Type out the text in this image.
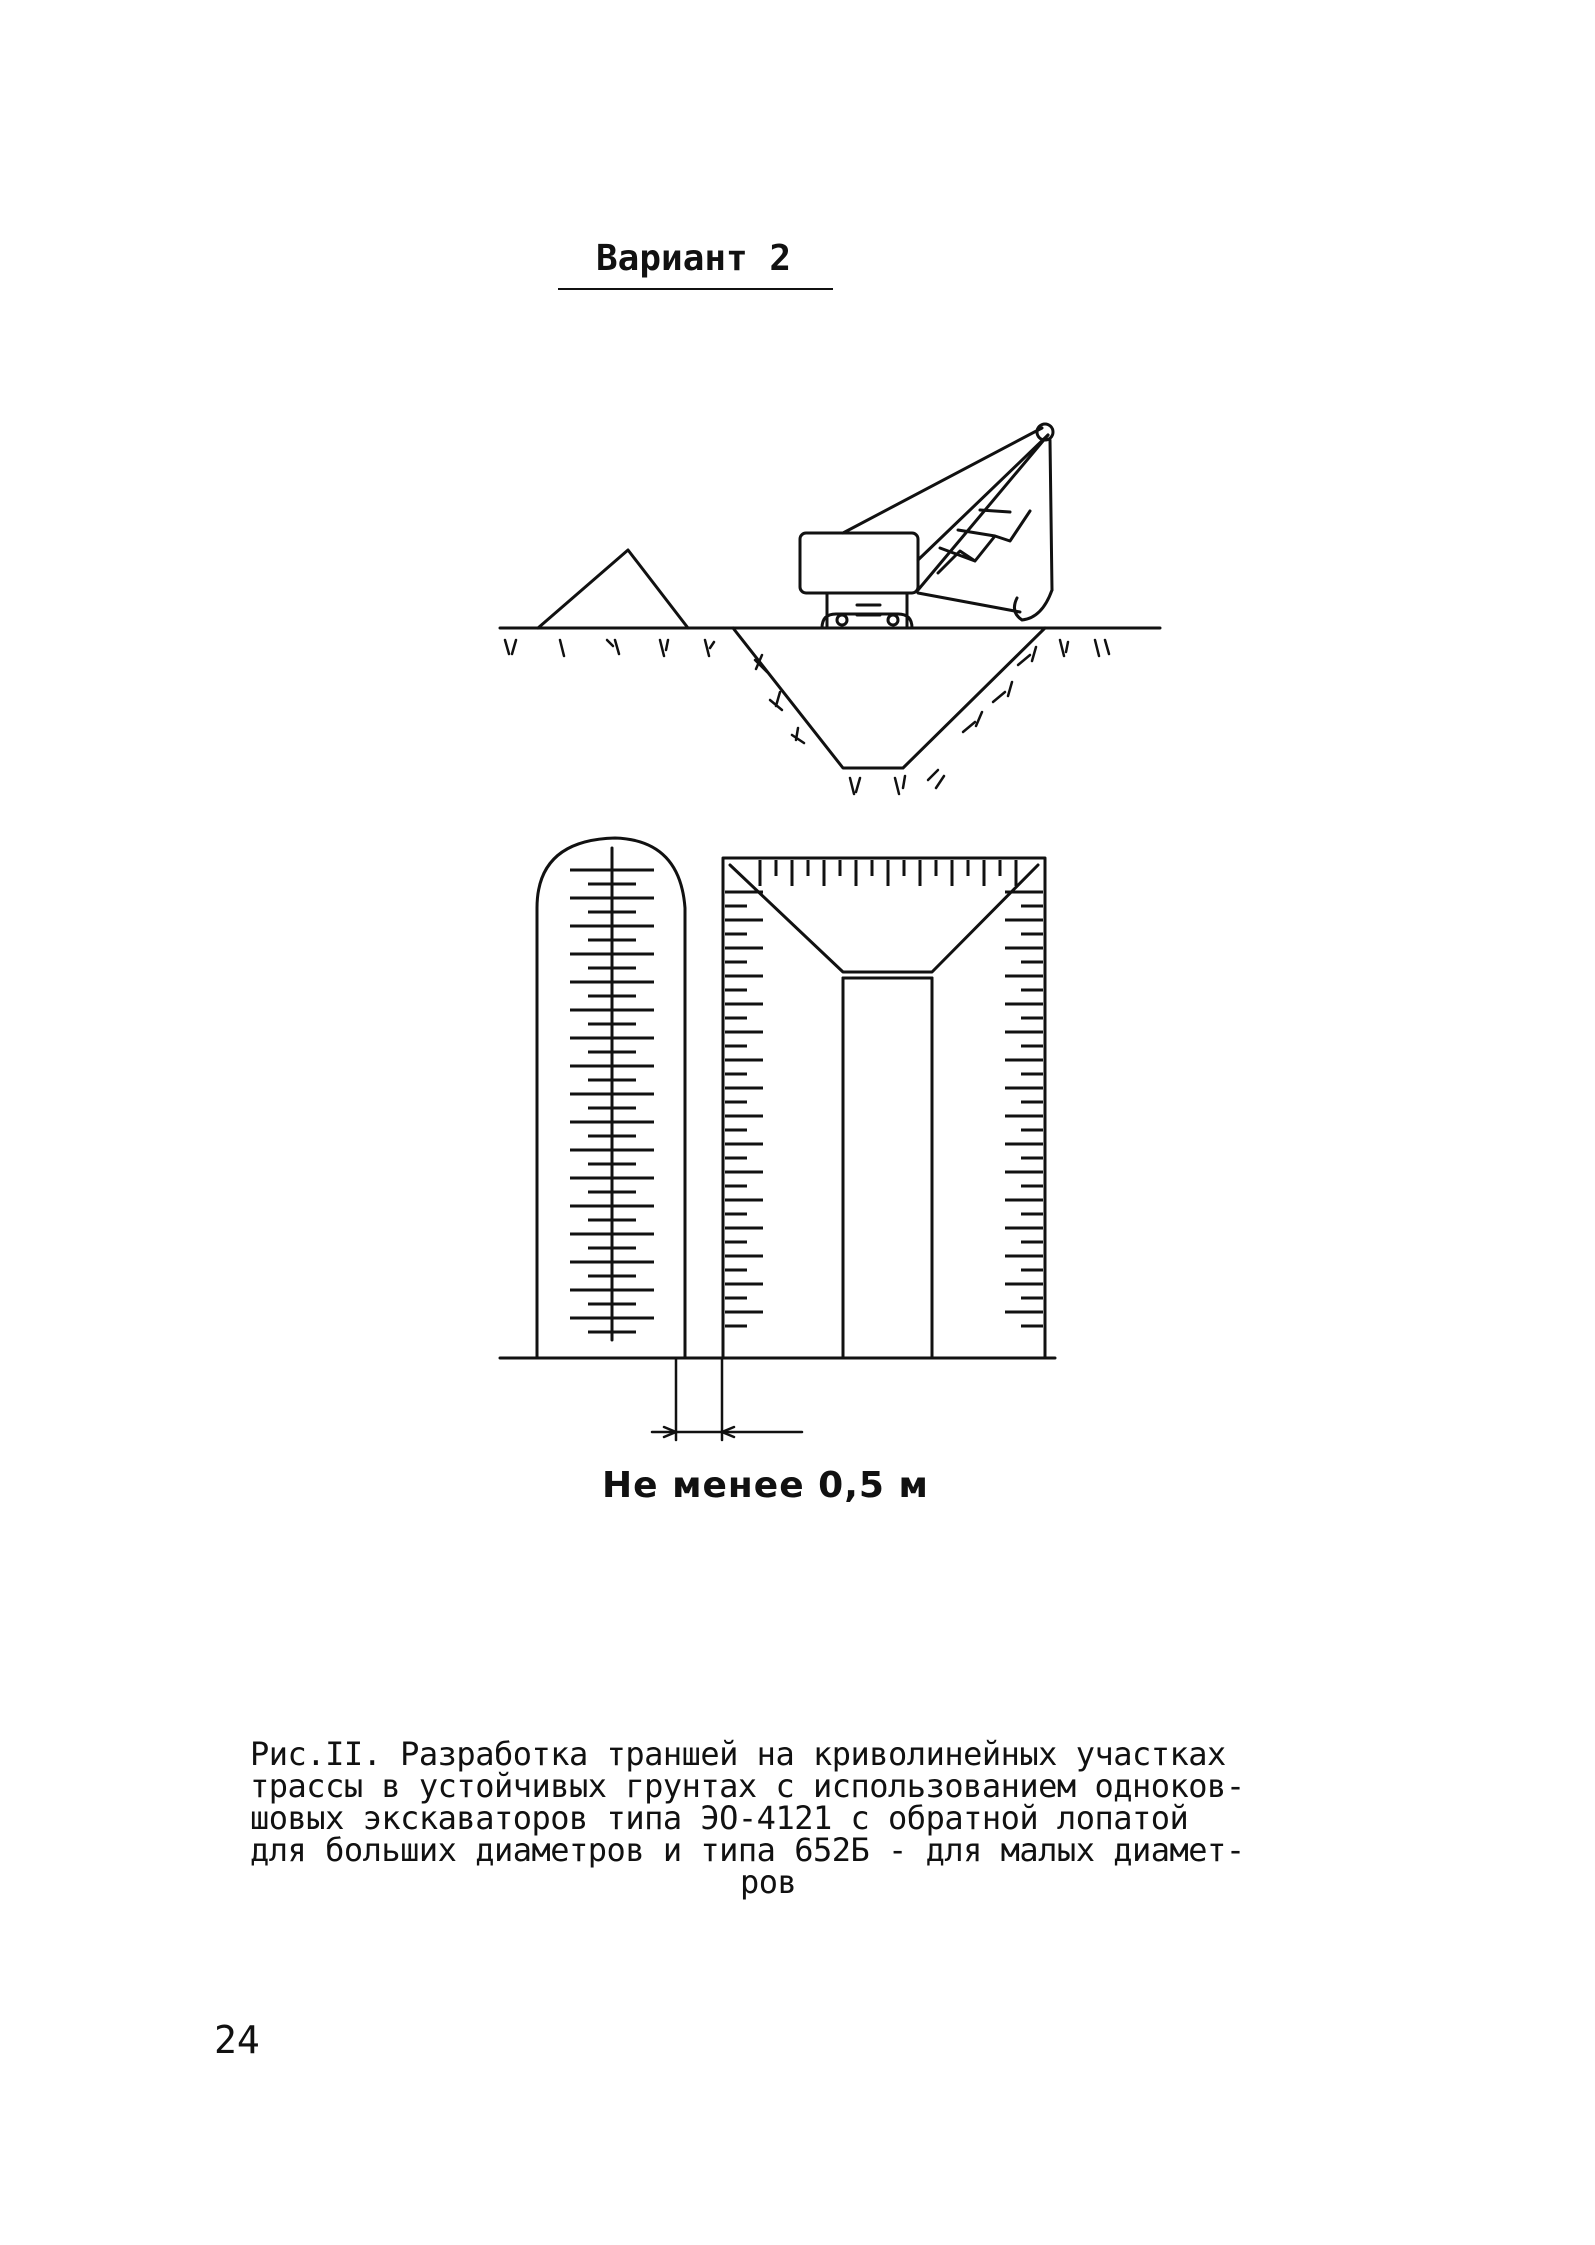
Вариант 2
Не менее 0,5 м
Рис.II. Разработка траншей на криволинейных участках
трассы в устойчивых грунтах с использованием одноков-
шовых экскаваторов типа ЭО-4121 с обратной лопатой
для больших диаметров и типа 652Б - для малых диамет-
ров
24
